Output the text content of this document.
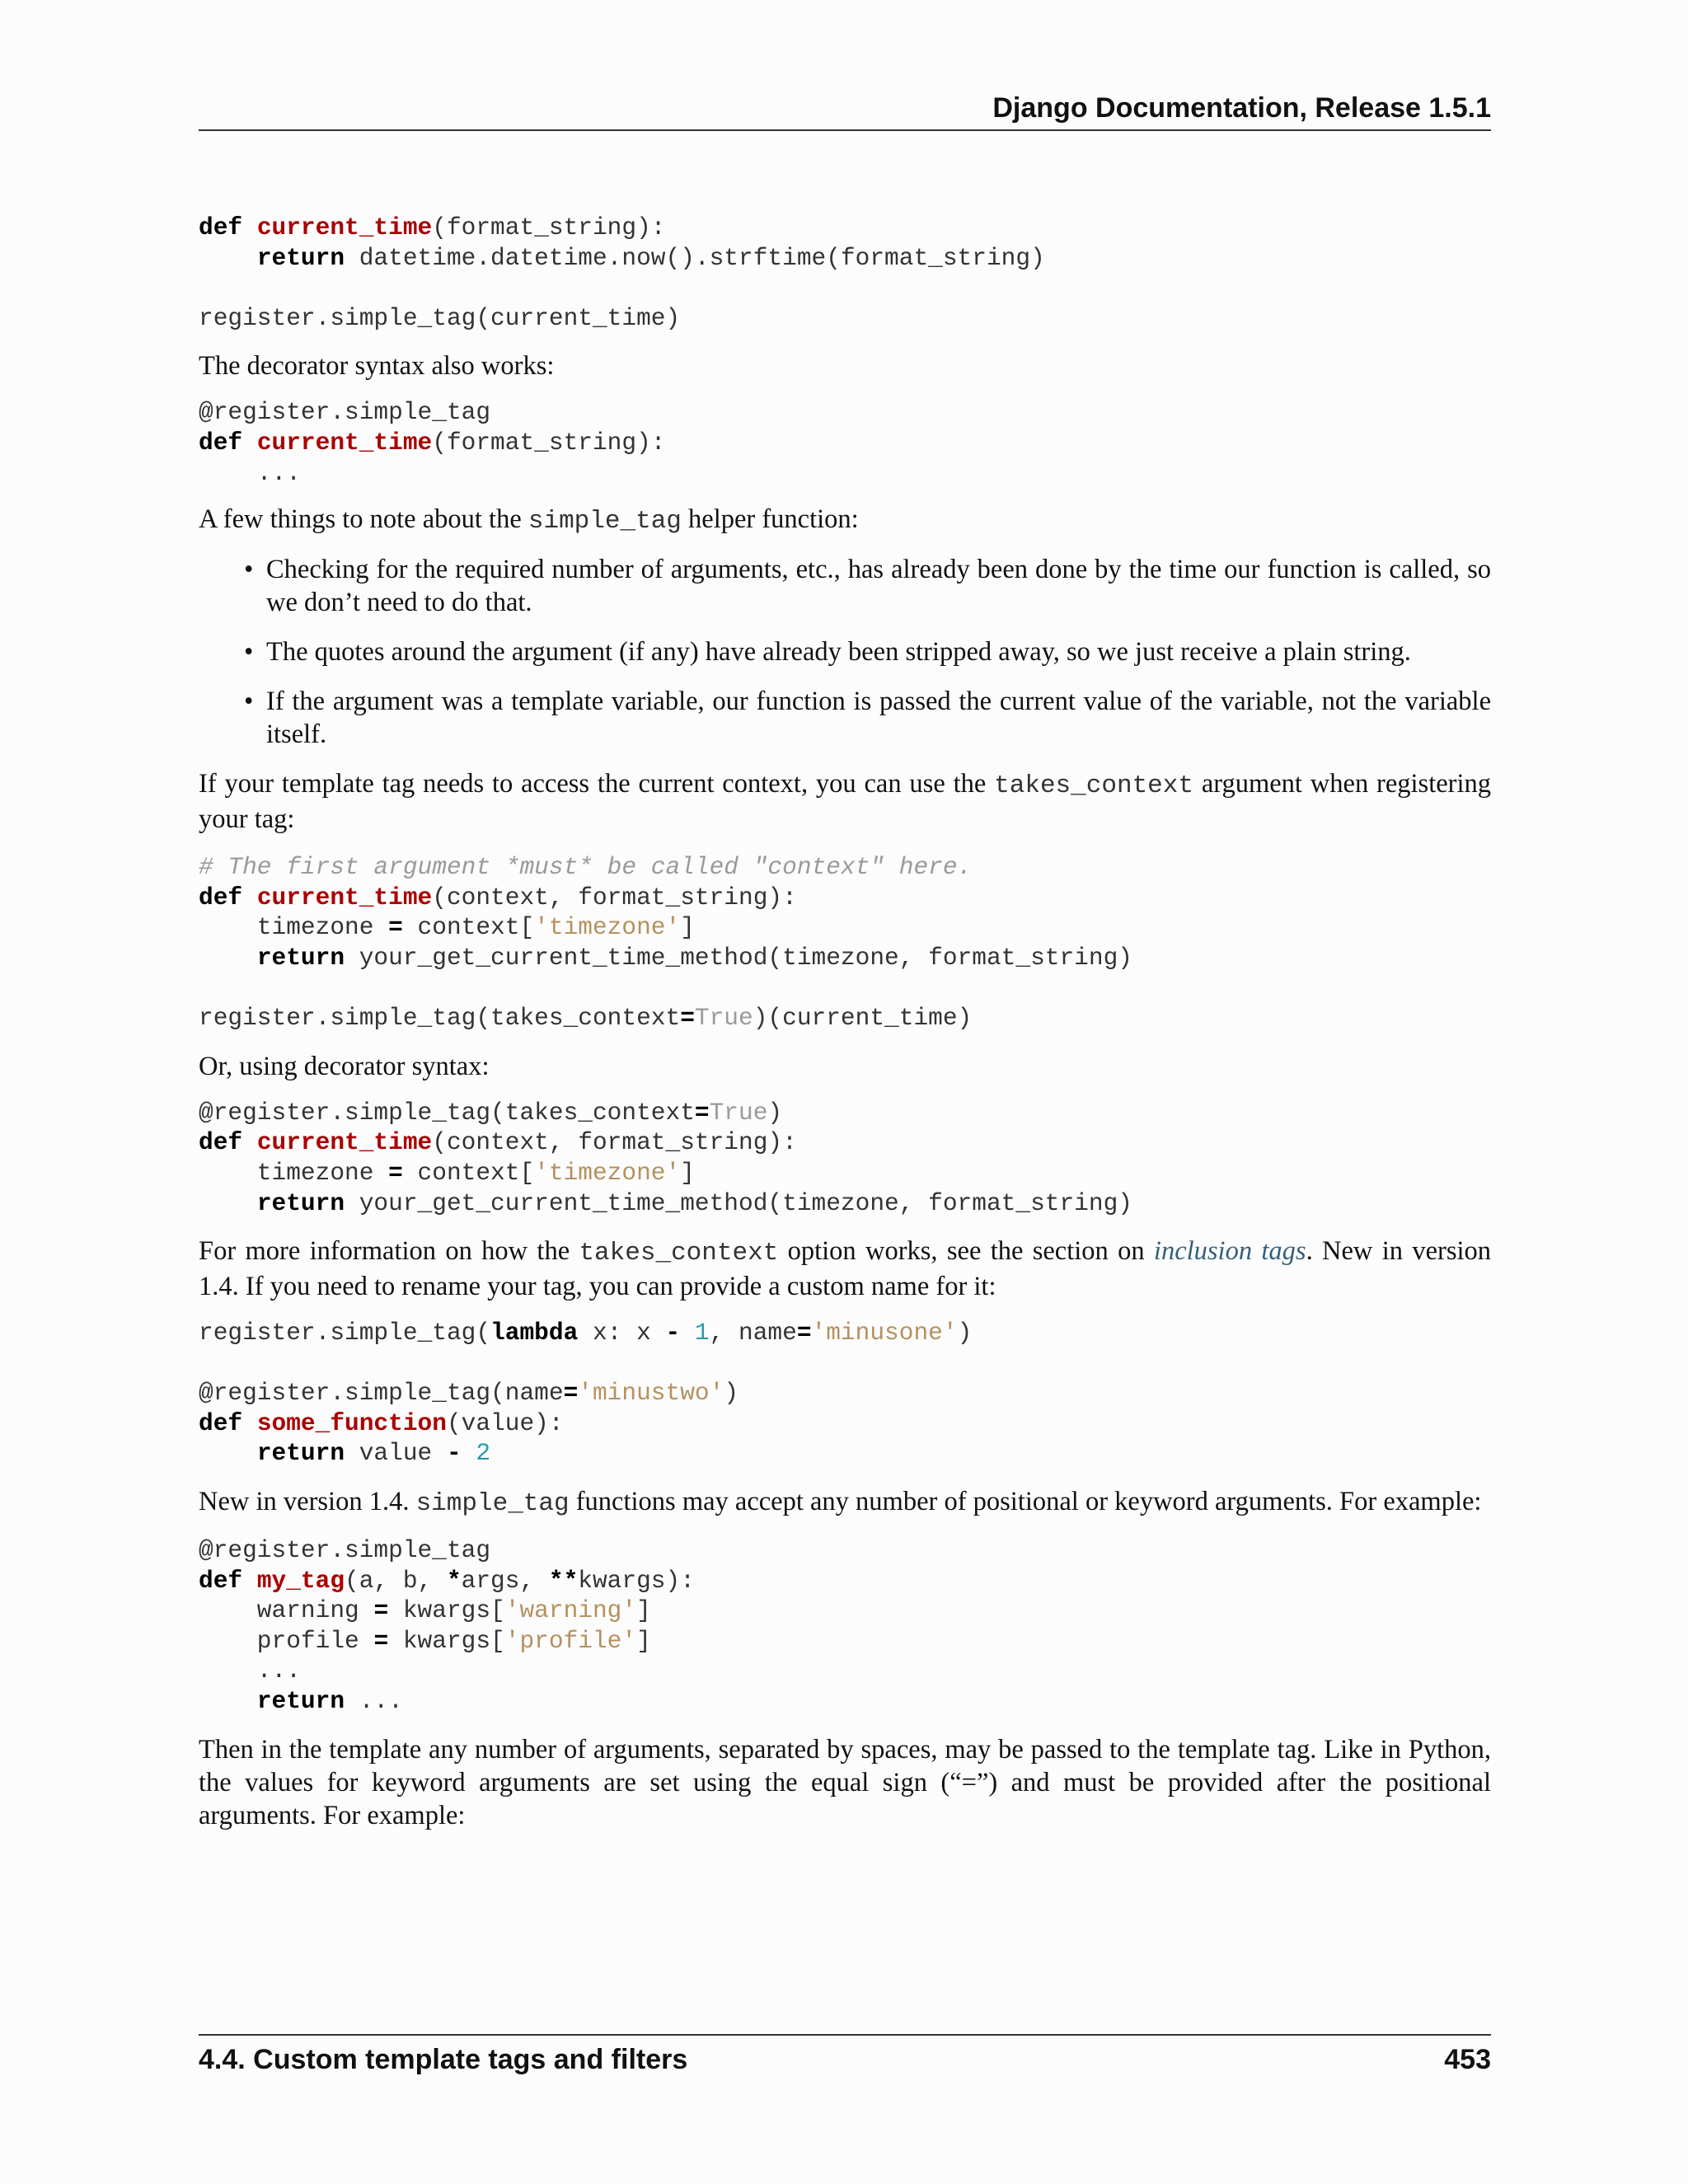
Django Documentation, Release 1.5.1
def current_time(format_string):
return datetime.datetime.now().strftime(format_string)

register.simple_tag(current_time)

The decorator syntax also works:

@register.simple_tag
def current_time(format_string):
...

A few things to note about the simple_tag helper function:

• Checking for the required number of arguments, etc., has already been done by the time our function is called, so we don’t need to do that.
• The quotes around the argument (if any) have already been stripped away, so we just receive a plain string.
• If the argument was a template variable, our function is passed the current value of the variable, not the variable itself.

If your template tag needs to access the current context, you can use the takes_context argument when registering your tag:

# The first argument *must* be called "context" here.
def current_time(context, format_string):
timezone = context['timezone']
return your_get_current_time_method(timezone, format_string)

register.simple_tag(takes_context=True)(current_time)

Or, using decorator syntax:

@register.simple_tag(takes_context=True)
def current_time(context, format_string):
timezone = context['timezone']
return your_get_current_time_method(timezone, format_string)

For more information on how the takes_context option works, see the section on inclusion tags. New in version 1.4. If you need to rename your tag, you can provide a custom name for it:

register.simple_tag(lambda x: x - 1, name='minusone')

@register.simple_tag(name='minustwo')
def some_function(value):
return value - 2

New in version 1.4. simple_tag functions may accept any number of positional or keyword arguments. For example:

@register.simple_tag
def my_tag(a, b, *args, **kwargs):
warning = kwargs['warning']
profile = kwargs['profile']
...
return ...

Then in the template any number of arguments, separated by spaces, may be passed to the template tag. Like in Python, the values for keyword arguments are set using the equal sign (“=”) and must be provided after the positional arguments. For example:

4.4. Custom template tags and filters	453
